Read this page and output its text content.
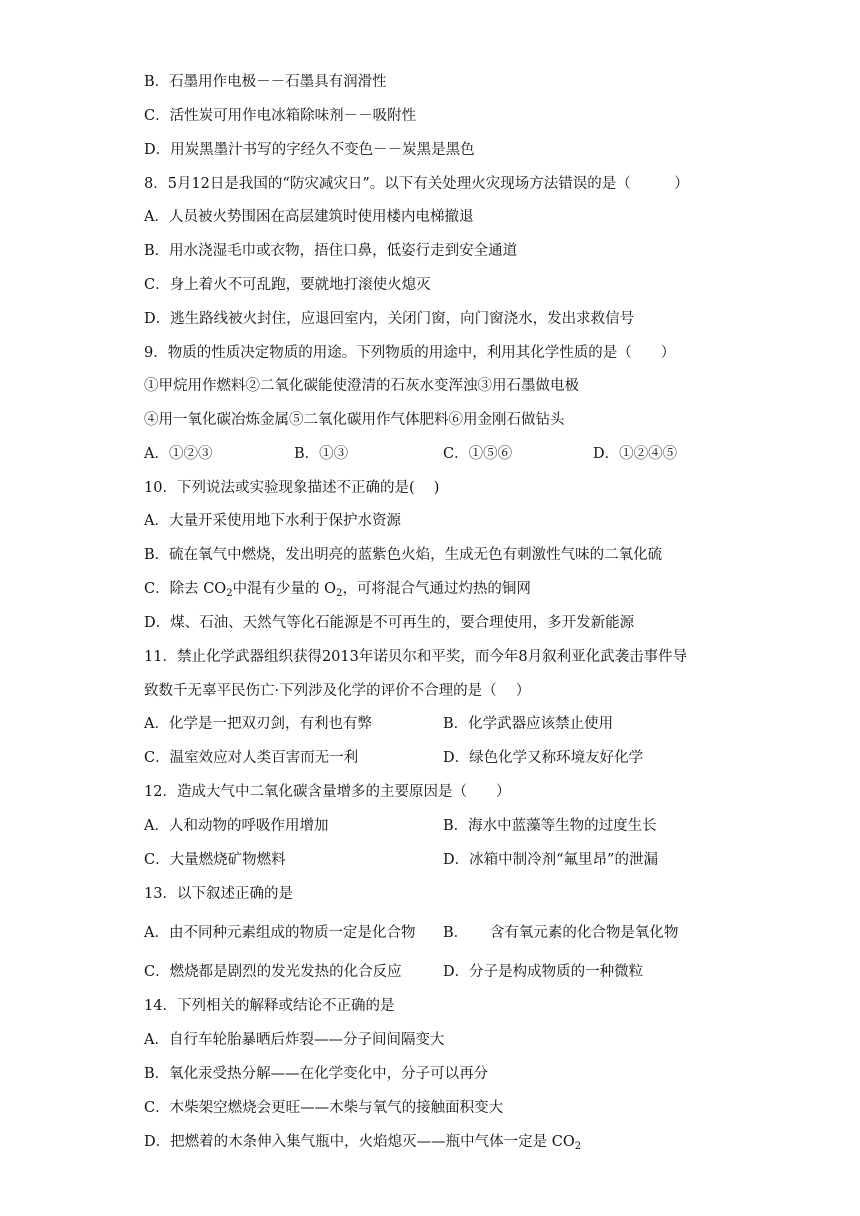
B．石墨用作电极－－石墨具有润滑性
C．活性炭可用作电冰箱除味剂－－吸附性
D．用炭黑墨汁书写的字经久不变色－－炭黑是黑色
8．5月12日是我国的“防灾减灾日”。以下有关处理火灾现场方法错误的是（　　　）
A．人员被火势围困在高层建筑时使用楼内电梯撤退
B．用水浇湿毛巾或衣物，捂住口鼻，低姿行走到安全通道
C．身上着火不可乱跑，要就地打滚使火熄灭
D．逃生路线被火封住，应退回室内，关闭门窗，向门窗浇水，发出求救信号
9．物质的性质决定物质的用途。下列物质的用途中，利用其化学性质的是（　　）
①甲烷用作燃料②二氧化碳能使澄清的石灰水变浑浊③用石墨做电极
④用一氧化碳冶炼金属⑤二氧化碳用作气体肥料⑥用金刚石做钻头
A．①②③	B．①③	C．①⑤⑥	D．①②④⑤
10．下列说法或实验现象描述不正确的是(　 )
A．大量开采使用地下水利于保护水资源
B．硫在氧气中燃烧，发出明亮的蓝紫色火焰，生成无色有刺激性气味的二氧化硫
C．除去 $CO_2$中混有少量的 $O_2$，可将混合气通过灼热的铜网
D．煤、石油、天然气等化石能源是不可再生的，要合理使用，多开发新能源
11．禁止化学武器组织获得2013年诺贝尔和平奖，而今年8月叙利亚化武袭击事件导
致数千无辜平民伤亡·下列涉及化学的评价不合理的是（　 ）
A．化学是一把双刃剑，有利也有弊	B．化学武器应该禁止使用
C．温室效应对人类百害而无一利	D．绿色化学又称环境友好化学
12．造成大气中二氧化碳含量增多的主要原因是（　　）
A．人和动物的呼吸作用增加	B．海水中蓝藻等生物的过度生长
C．大量燃烧矿物燃料	D．冰箱中制冷剂“氟里昂”的泄漏
13．以下叙述正确的是
A．由不同种元素组成的物质一定是化合物 B．　　含有氧元素的化合物是氧化物
C．燃烧都是剧烈的发光发热的化合反应	D．分子是构成物质的一种微粒
14．下列相关的解释或结论不正确的是
A．自行车轮胎暴晒后炸裂——分子间间隔变大
B．氧化汞受热分解——在化学变化中，分子可以再分
C．木柴架空燃烧会更旺——木柴与氧气的接触面积变大
D．把燃着的木条伸入集气瓶中，火焰熄灭——瓶中气体一定是 $CO_2$
